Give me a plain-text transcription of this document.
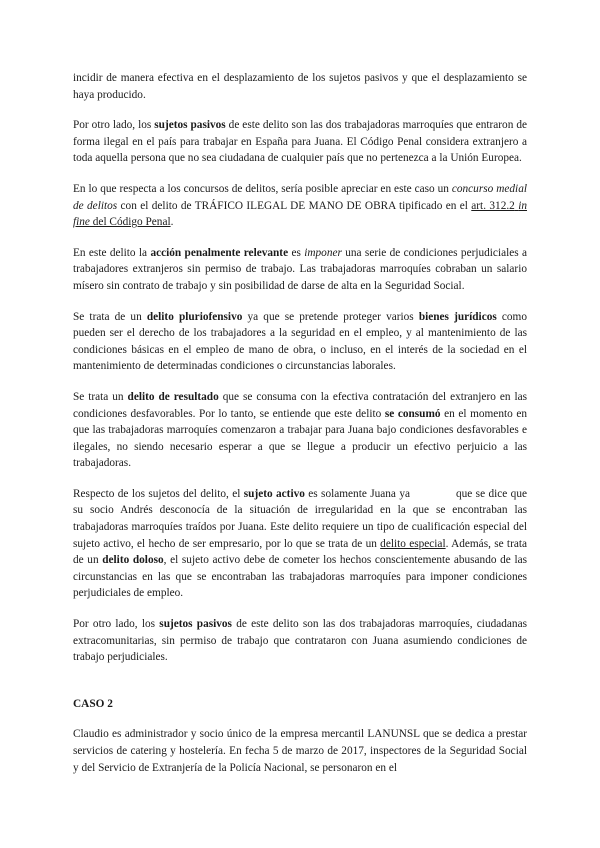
incidir de manera efectiva en el desplazamiento de los sujetos pasivos y que el desplazamiento se haya producido.

Por otro lado, los sujetos pasivos de este delito son las dos trabajadoras marroquíes que entraron de forma ilegal en el país para trabajar en España para Juana. El Código Penal considera extranjero a toda aquella persona que no sea ciudadana de cualquier país que no pertenezca a la Unión Europea.

En lo que respecta a los concursos de delitos, sería posible apreciar en este caso un concurso medial de delitos con el delito de TRÁFICO ILEGAL DE MANO DE OBRA tipificado en el art. 312.2 in fine del Código Penal.

En este delito la acción penalmente relevante es imponer una serie de condiciones perjudiciales a trabajadores extranjeros sin permiso de trabajo. Las trabajadoras marroquíes cobraban un salario mísero sin contrato de trabajo y sin posibilidad de darse de alta en la Seguridad Social.

Se trata de un delito pluriofensivo ya que se pretende proteger varios bienes jurídicos como pueden ser el derecho de los trabajadores a la seguridad en el empleo, y al mantenimiento de las condiciones básicas en el empleo de mano de obra, o incluso, en el interés de la sociedad en el mantenimiento de determinadas condiciones o circunstancias laborales.

Se trata un delito de resultado que se consuma con la efectiva contratación del extranjero en las condiciones desfavorables. Por lo tanto, se entiende que este delito se consumó en el momento en que las trabajadoras marroquíes comenzaron a trabajar para Juana bajo condiciones desfavorables e ilegales, no siendo necesario esperar a que se llegue a producir un efectivo perjuicio a las trabajadoras.

Respecto de los sujetos del delito, el sujeto activo es solamente Juana ya	que se dice que su socio Andrés desconocía de la situación de irregularidad en la que se encontraban las trabajadoras marroquíes traídos por Juana. Este delito requiere un tipo de cualificación especial del sujeto activo, el hecho de ser empresario, por lo que se trata de un delito especial. Además, se trata de un delito doloso, el sujeto activo debe de cometer los hechos conscientemente abusando de las circunstancias en las que se encontraban las trabajadoras marroquíes para imponer condiciones perjudiciales de empleo.

Por otro lado, los sujetos pasivos de este delito son las dos trabajadoras marroquíes, ciudadanas extracomunitarias, sin permiso de trabajo que contrataron con Juana asumiendo condiciones de trabajo perjudiciales.

CASO 2

Claudio es administrador y socio único de la empresa mercantil LANUNSL que se dedica a prestar servicios de catering y hostelería. En fecha 5 de marzo de 2017, inspectores de la Seguridad Social y del Servicio de Extranjería de la Policía Nacional, se personaron en el
